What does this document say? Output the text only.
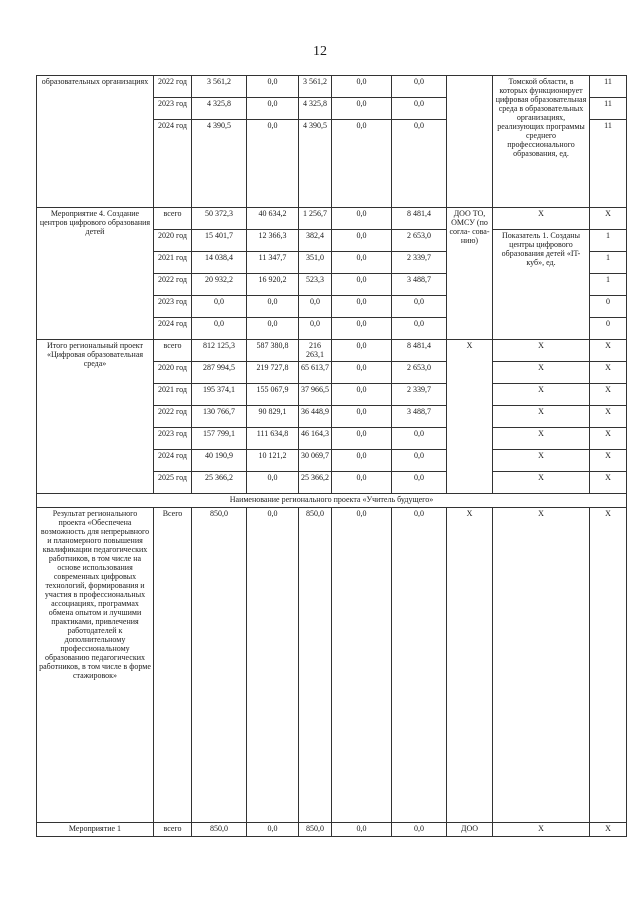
12
образовательных организациях	2022 год	3 561,2	0,0	3 561,2	0,0	0,0		Томской области, в которых функционирует цифровая образовательная среда в образовательных организациях, реализующих программы среднего профессионального образования, ед.	11
	2023 год	4 325,8	0,0	4 325,8	0,0	0,0			11
	2024 год	4 390,5	0,0	4 390,5	0,0	0,0			11
Мероприятие 4. Создание центров цифрового образования детей	всего	50 372,3	40 634,2	1 256,7	0,0	8 481,4	ДОО ТО, ОМСУ (по согла- сова- нию)	Х	Х
	2020 год	15 401,7	12 366,3	382,4	0,0	2 653,0		Показатель 1. Созданы центры цифрового образования детей «IT-куб», ед.	1
	2021 год	14 038,4	11 347,7	351,0	0,0	2 339,7			1
	2022 год	20 932,2	16 920,2	523,3	0,0	3 488,7			1
	2023 год	0,0	0,0	0,0	0,0	0,0			0
	2024 год	0,0	0,0	0,0	0,0	0,0			0
Итого региональный проект «Цифровая образовательная среда»	всего	812 125,3	587 380,8	216 263,1	0,0	8 481,4	Х	Х	Х
	2020 год	287 994,5	219 727,8	65 613,7	0,0	2 653,0		Х	Х
	2021 год	195 374,1	155 067,9	37 966,5	0,0	2 339,7		Х	Х
	2022 год	130 766,7	90 829,1	36 448,9	0,0	3 488,7		Х	Х
	2023 год	157 799,1	111 634,8	46 164,3	0,0	0,0		Х	Х
	2024 год	40 190,9	10 121,2	30 069,7	0,0	0,0		Х	Х
	2025 год	25 366,2	0,0	25 366,2	0,0	0,0		Х	Х
Наименование регионального проекта «Учитель будущего»									
Результат регионального проекта «Обеспечена возможность для непрерывного и планомерного повышения квалификации педагогических работников, в том числе на основе использования современных цифровых технологий, формирования и участия в профессиональных ассоциациях, программах обмена опытом и лучшими практиками, привлечения работодателей к дополнительному профессиональному образованию педагогических работников, в том числе в форме стажировок»	Всего	850,0	0,0	850,0	0,0	0,0	Х	Х	Х
Мероприятие 1	всего	850,0	0,0	850,0	0,0	0,0	ДОО	Х	Х
